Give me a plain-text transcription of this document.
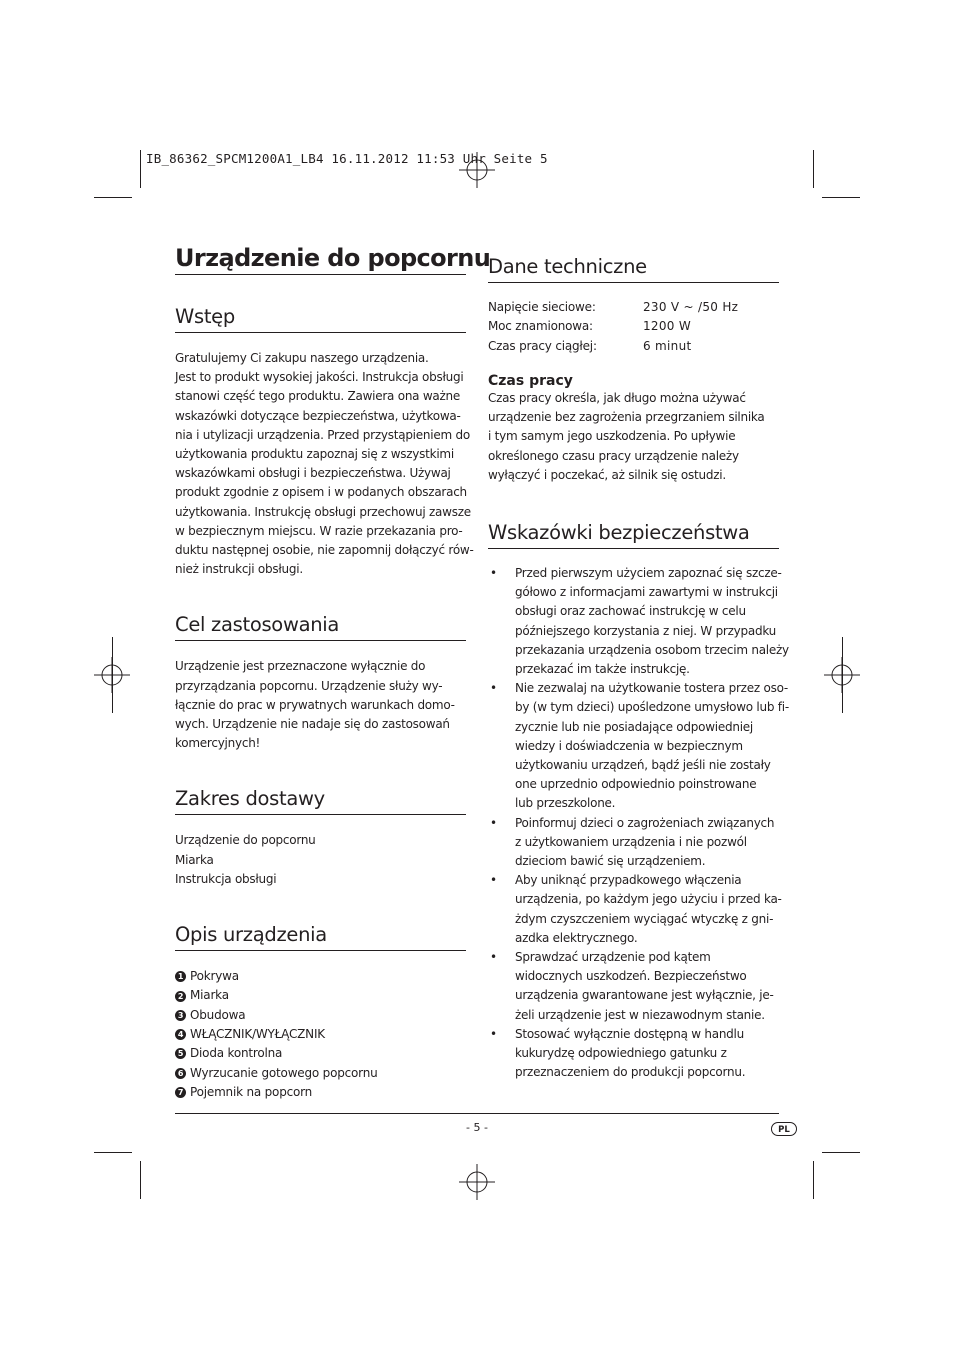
IB_86362_SPCM1200A1_LB4 16.11.2012 11:53 Uhr Seite 5
Urządzenie do popcornu
Wstęp
Gratulujemy Ci zakupu naszego urządzenia.
Jest to produkt wysokiej jakości. Instrukcja obsługi
stanowi część tego produktu. Zawiera ona ważne
wskazówki dotyczące bezpieczeństwa, użytkowa-
nia i utylizacji urządzenia. Przed przystąpieniem do
użytkowania produktu zapoznaj się z wszystkimi
wskazówkami obsługi i bezpieczeństwa. Używaj
produkt zgodnie z opisem i w podanych obszarach
użytkowania. Instrukcję obsługi przechowuj zawsze
w bezpiecznym miejscu. W razie przekazania pro-
duktu następnej osobie, nie zapomnij dołączyć rów-
nież instrukcji obsługi.
Cel zastosowania
Urządzenie jest przeznaczone wyłącznie do
przyrządzania popcornu. Urządzenie służy wy-
łącznie do prac w prywatnych warunkach domo-
wych. Urządzenie nie nadaje się do zastosowań
komercyjnych!
Zakres dostawy
Urządzenie do popcornu
Miarka
Instrukcja obsługi
Opis urządzenia
1 Pokrywa
2 Miarka
3 Obudowa
4 WŁĄCZNIK/WYŁĄCZNIK
5 Dioda kontrolna
6 Wyrzucanie gotowego popcornu
7 Pojemnik na popcorn
Dane techniczne
Napięcie sieciowe:	230 V ~ /50 Hz
Moc znamionowa:	1200 W
Czas pracy ciągłej:	6 minut
Czas pracy
Czas pracy określa, jak długo można używać
urządzenie bez zagrożenia przegrzaniem silnika
i tym samym jego uszkodzenia. Po upływie
określonego czasu pracy urządzenie należy
wyłączyć i poczekać, aż silnik się ostudzi.
Wskazówki bezpieczeństwa
• Przed pierwszym użyciem zapoznać się szcze-
gółowo z informacjami zawartymi w instrukcji
obsługi oraz zachować instrukcję w celu
późniejszego korzystania z niej. W przypadku
przekazania urządzenia osobom trzecim należy
przekazać im także instrukcję.
• Nie zezwalaj na użytkowanie tostera przez oso-
by (w tym dzieci) upośledzone umysłowo lub fi-
zycznie lub nie posiadające odpowiedniej
wiedzy i doświadczenia w bezpiecznym
użytkowaniu urządzeń, bądź jeśli nie zostały
one uprzednio odpowiednio poinstrowane
lub przeszkolone.
• Poinformuj dzieci o zagrożeniach związanych
z użytkowaniem urządzenia i nie pozwól
dzieciom bawić się urządzeniem.
• Aby uniknąć przypadkowego włączenia
urządzenia, po każdym jego użyciu i przed ka-
żdym czyszczeniem wyciągać wtyczkę z gni-
azdka elektrycznego.
• Sprawdzać urządzenie pod kątem
widocznych uszkodzeń. Bezpieczeństwo
urządzenia gwarantowane jest wyłącznie, je-
żeli urządzenie jest w niezawodnym stanie.
• Stosować wyłącznie dostępną w handlu
kukurydzę odpowiedniego gatunku z
przeznaczeniem do produkcji popcornu.
- 5 -	PL
